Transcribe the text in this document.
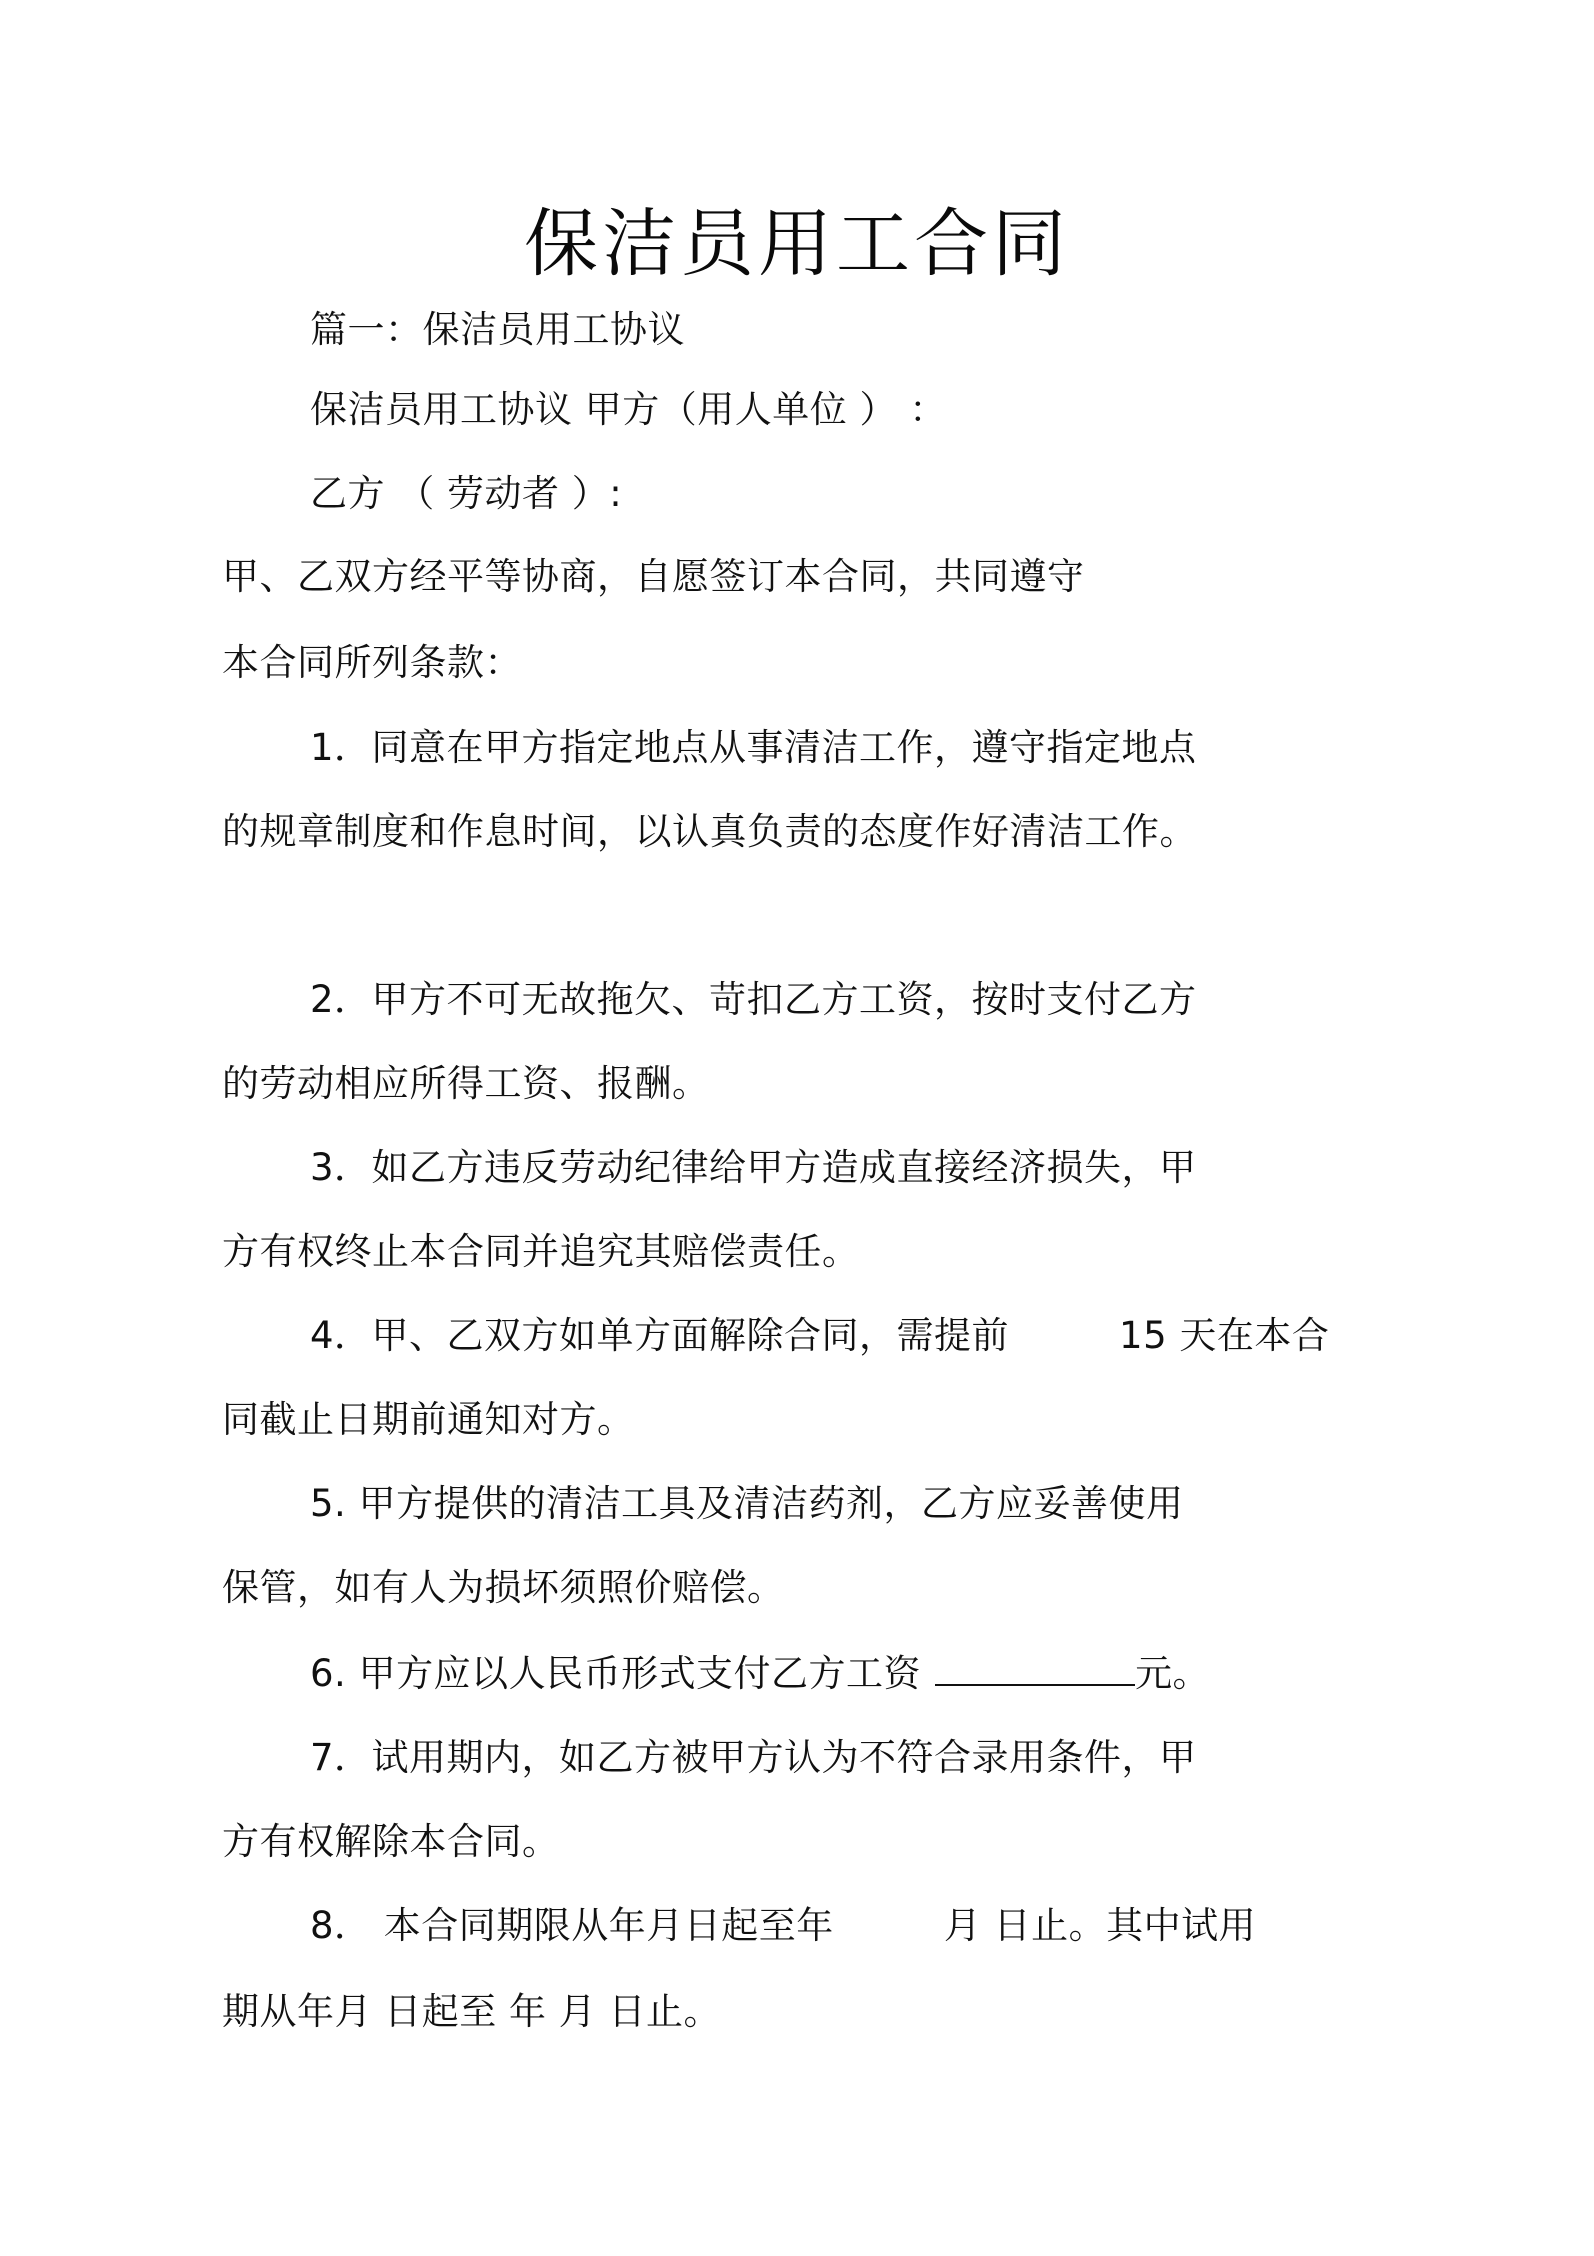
保洁员用工合同
篇一：保洁员用工协议
保洁员用工协议 甲方（用人单位 ） ：
乙方 （ 劳动者 ）:
甲、乙双方经平等协商，自愿签订本合同，共同遵守
本合同所列条款：
1．同意在甲方指定地点从事清洁工作，遵守指定地点
的规章制度和作息时间，以认真负责的态度作好清洁工作。
2．甲方不可无故拖欠、苛扣乙方工资，按时支付乙方
的劳动相应所得工资、报酬。
3．如乙方违反劳动纪律给甲方造成直接经济损失，甲
方有权终止本合同并追究其赔偿责任。
4．甲、乙双方如单方面解除合同，需提前	15 天在本合
同截止日期前通知对方。
5. 甲方提供的清洁工具及清洁药剂，乙方应妥善使用
保管，如有人为损坏须照价赔偿。
6. 甲方应以人民币形式支付乙方工资	元。
7．试用期内，如乙方被甲方认为不符合录用条件，甲
方有权解除本合同。
8． 本合同期限从年月日起至年	月 日止。其中试用
期从年月 日起至 年 月 日止。
